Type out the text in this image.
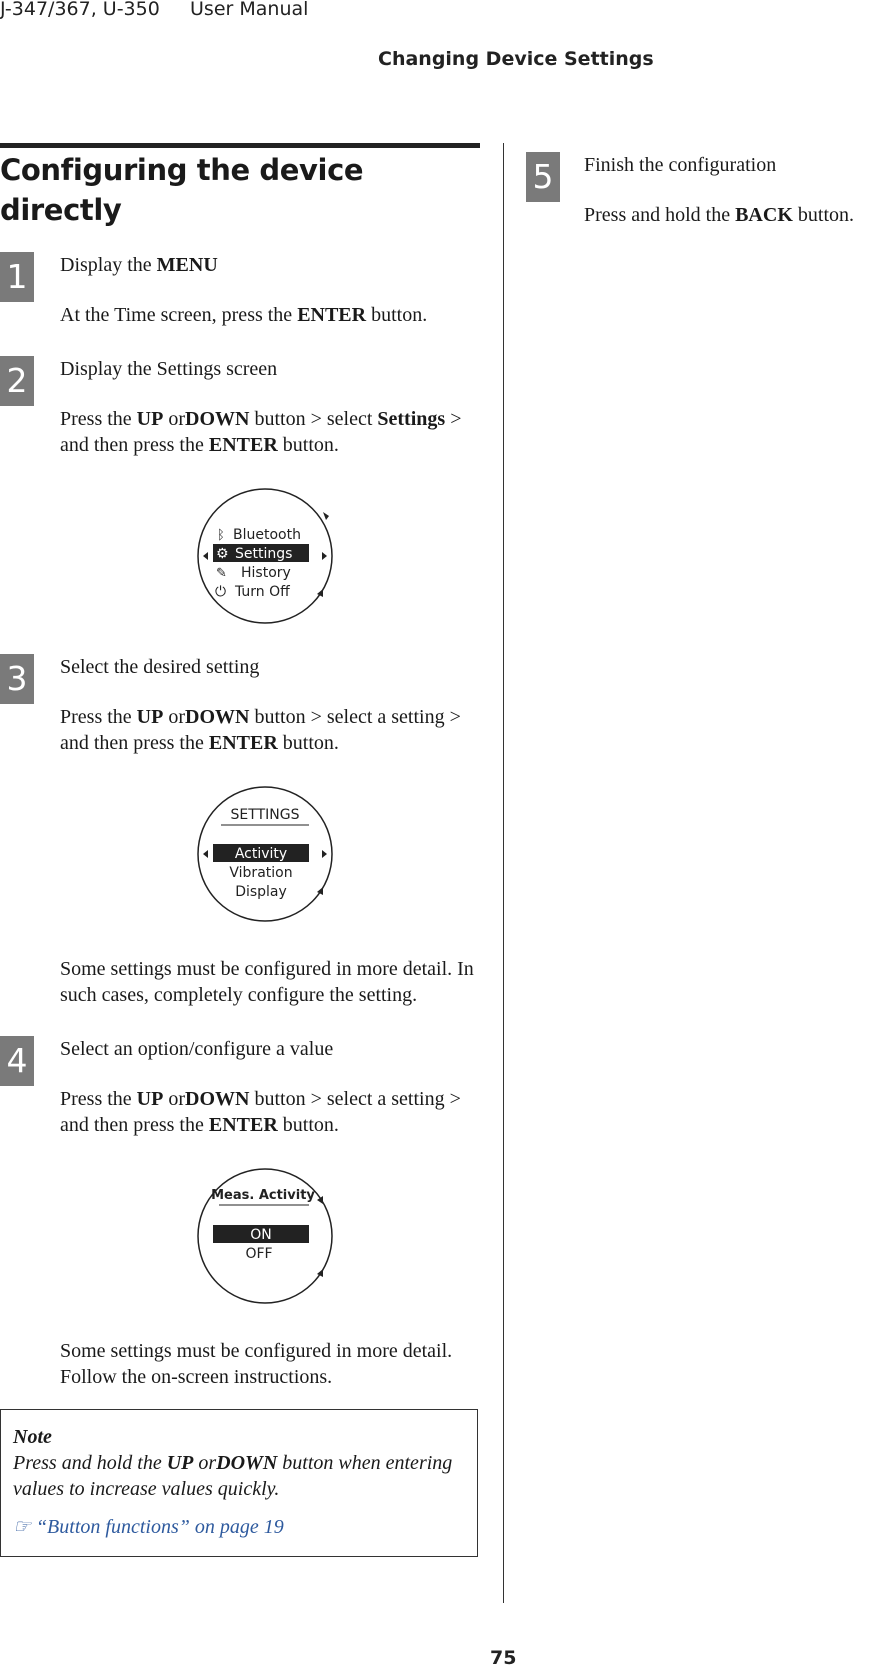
J-347/367, U-350     User Manual
Changing Device Settings
Configuring the device directly
1	Display the MENU

At the Time screen, press the ENTER button.

2	Display the Settings screen

Press the UP orDOWN button > select Settings > and then press the ENTER button.

ᛒ
⚙
✎
⏻
Bluetooth
Settings
History
Turn Off
3	Select the desired setting

Press the UP orDOWN button > select a setting > and then press the ENTER button.

SETTINGS
Activity
Vibration
Display

Some settings must be configured in more detail. In such cases, completely configure the setting.

4	Select an option/configure a value

Press the UP orDOWN button > select a setting > and then press the ENTER button.

Meas. Activity
ON
OFF

Some settings must be configured in more detail. Follow the on-screen instructions.

Note

Press and hold the UP orDOWN button when entering values to increase values quickly.

☞ “Button functions” on page 19

5	Finish the configuration

Press and hold the BACK button.

75
